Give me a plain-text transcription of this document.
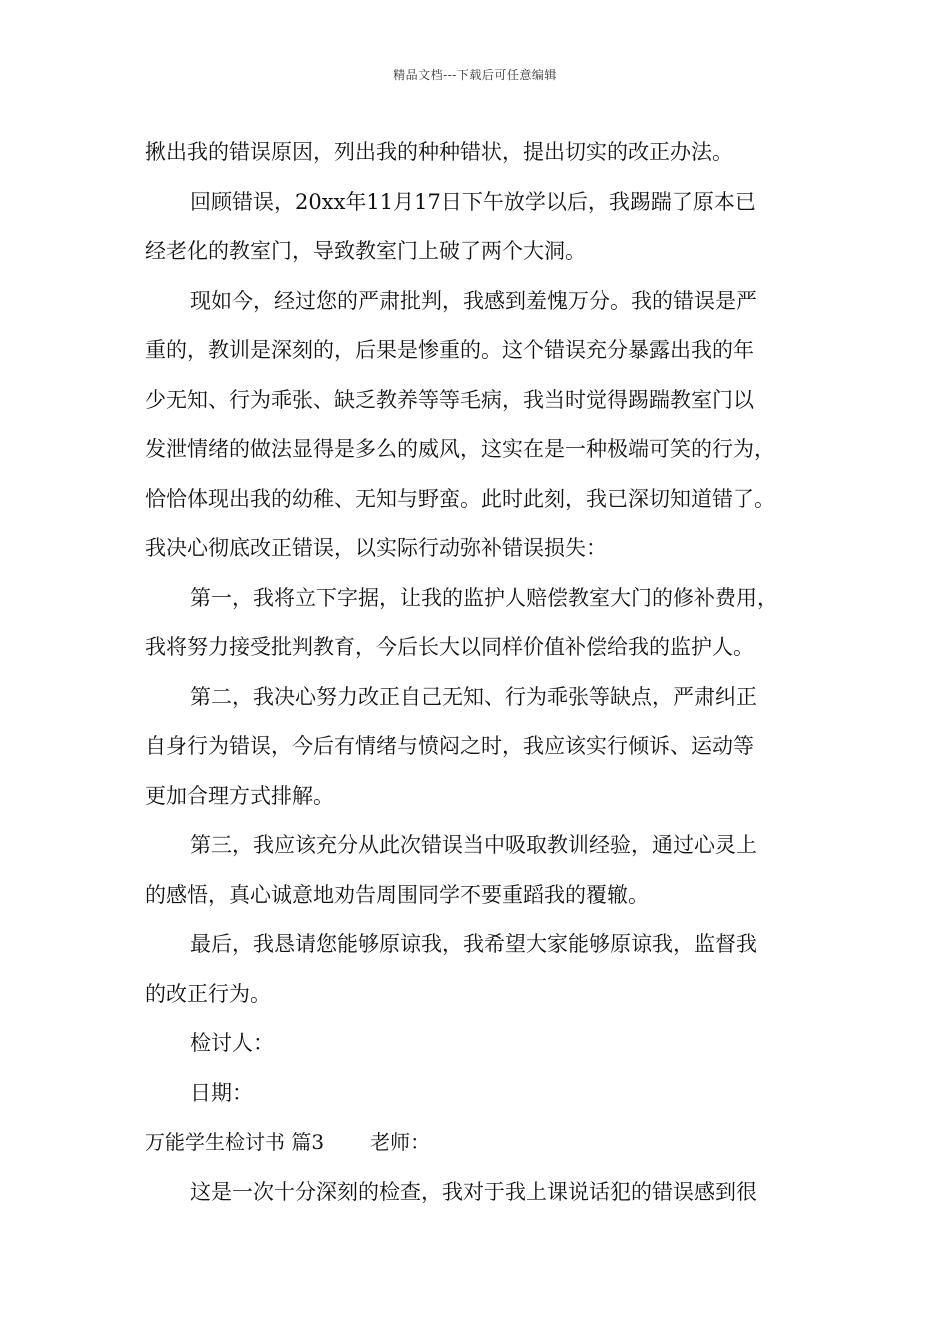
精品文档---下载后可任意编辑
揪出我的错误原因，列出我的种种错状，提出切实的改正办法。
回顾错误，20xx年11月17日下午放学以后，我踢踹了原本已
经老化的教室门，导致教室门上破了两个大洞。
现如今，经过您的严肃批判，我感到羞愧万分。我的错误是严
重的，教训是深刻的，后果是惨重的。这个错误充分暴露出我的年
少无知、行为乖张、缺乏教养等等毛病，我当时觉得踢踹教室门以
发泄情绪的做法显得是多么的威风，这实在是一种极端可笑的行为，
恰恰体现出我的幼稚、无知与野蛮。此时此刻，我已深切知道错了。
我决心彻底改正错误，以实际行动弥补错误损失：
第一，我将立下字据，让我的监护人赔偿教室大门的修补费用，
我将努力接受批判教育，今后长大以同样价值补偿给我的监护人。
第二，我决心努力改正自己无知、行为乖张等缺点，严肃纠正
自身行为错误，今后有情绪与愤闷之时，我应该实行倾诉、运动等
更加合理方式排解。
第三，我应该充分从此次错误当中吸取教训经验，通过心灵上
的感悟，真心诚意地劝告周围同学不要重蹈我的覆辙。
最后，我恳请您能够原谅我，我希望大家能够原谅我，监督我
的改正行为。
检讨人：
日期：
万能学生检讨书 篇3 老师：
这是一次十分深刻的检查，我对于我上课说话犯的错误感到很
